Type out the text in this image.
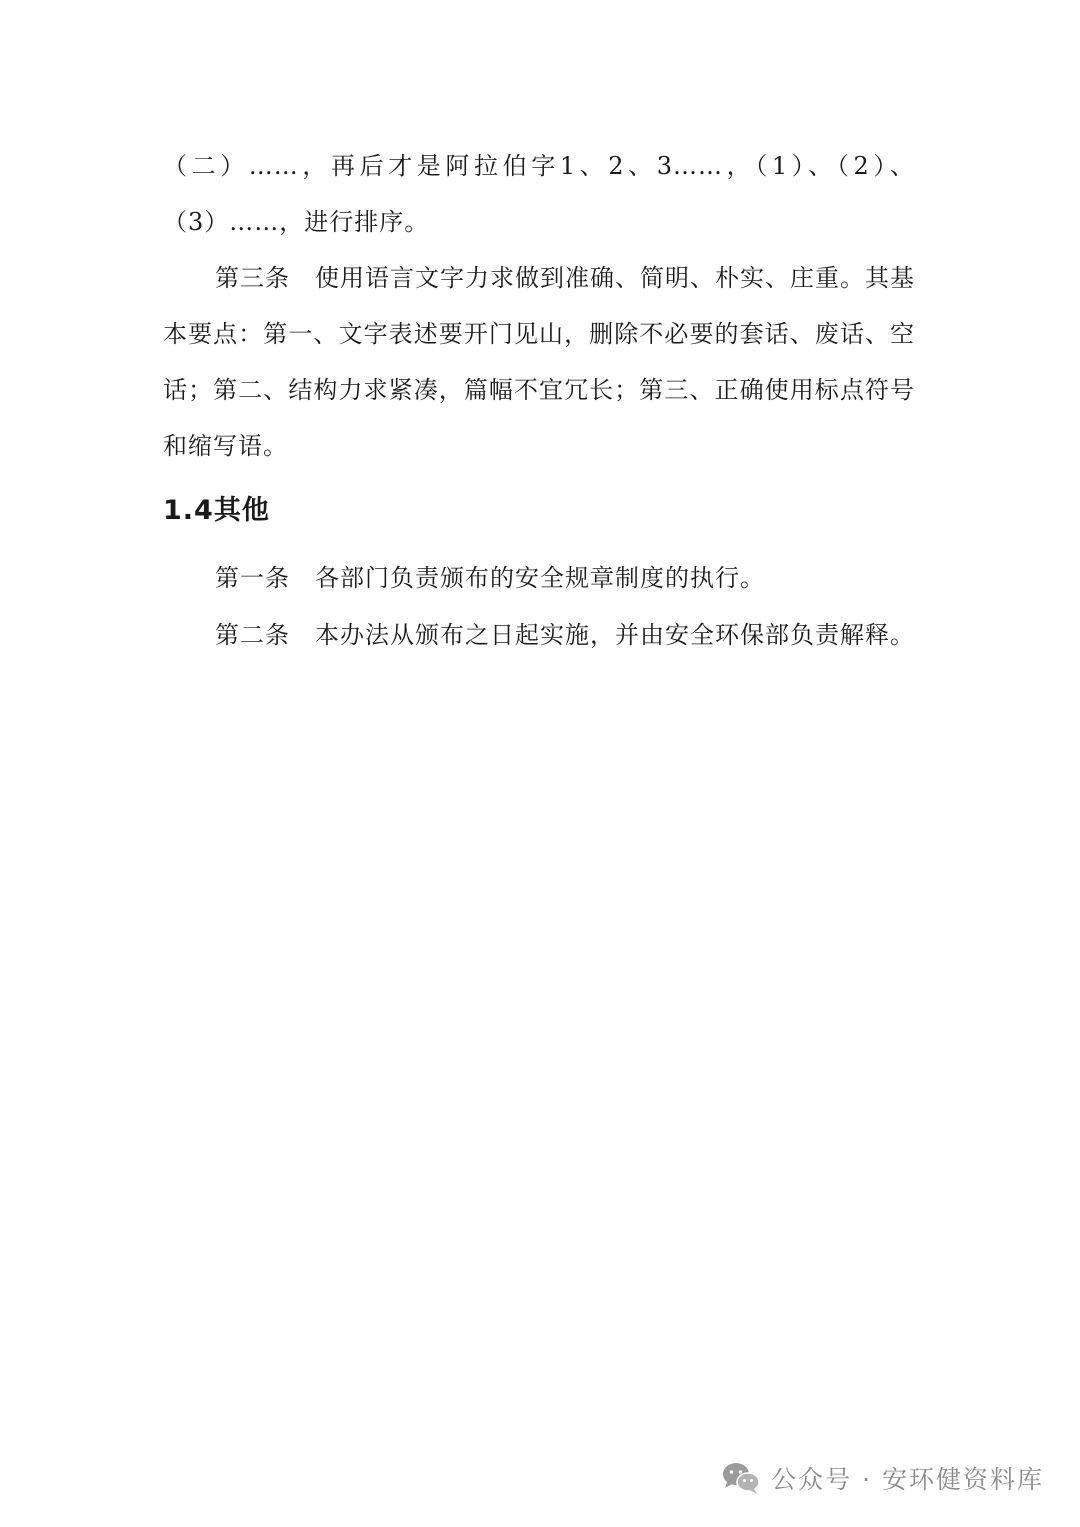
（二）……，再后才是阿拉伯字1、2、3……，（1）、（2）、（3）……，进行排序。

第三条　使用语言文字力求做到准确、简明、朴实、庄重。其基本要点：第一、文字表述要开门见山，删除不必要的套话、废话、空话；第二、结构力求紧凑，篇幅不宜冗长；第三、正确使用标点符号和缩写语。

1.4其他

第一条　各部门负责颁布的安全规章制度的执行。

第二条　本办法从颁布之日起实施，并由安全环保部负责解释。

公众号 · 安环健资料库
